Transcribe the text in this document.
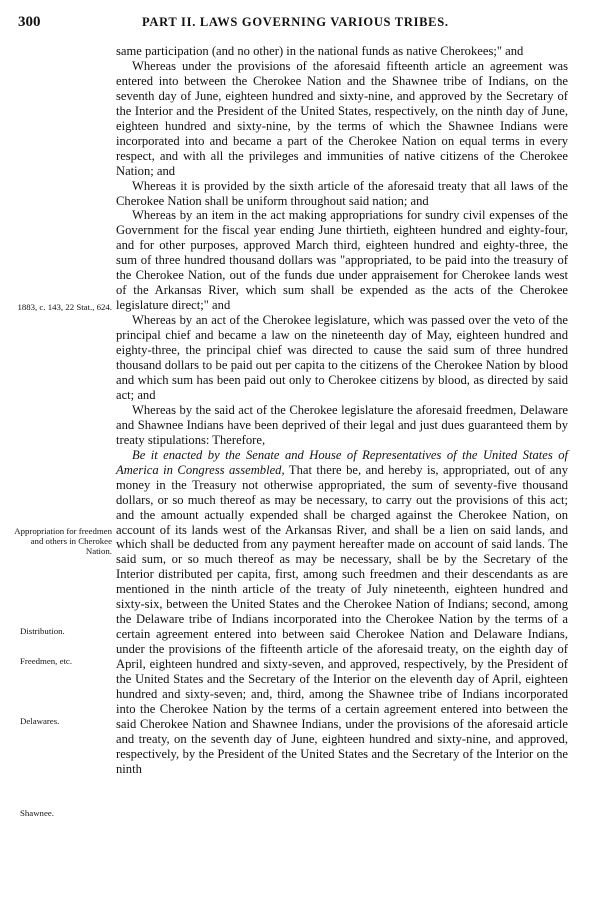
300	PART II. LAWS GOVERNING VARIOUS TRIBES.
1883, c. 143, 22 Stat., 624.
Appropriation for freedmen and others in Cherokee Nation.
Distribution.
Freedmen, etc.
Delawares.
Shawnee.

same participation (and no other) in the national funds as native Cherokees;" and

Whereas under the provisions of the aforesaid fifteenth article an agreement was entered into between the Cherokee Nation and the Shawnee tribe of Indians, on the seventh day of June, eighteen hundred and sixty-nine, and approved by the Secretary of the Interior and the President of the United States, respectively, on the ninth day of June, eighteen hundred and sixty-nine, by the terms of which the Shawnee Indians were incorporated into and became a part of the Cherokee Nation on equal terms in every respect, and with all the privileges and immunities of native citizens of the Cherokee Nation; and

Whereas it is provided by the sixth article of the aforesaid treaty that all laws of the Cherokee Nation shall be uniform throughout said nation; and

Whereas by an item in the act making appropriations for sundry civil expenses of the Government for the fiscal year ending June thirtieth, eighteen hundred and eighty-four, and for other purposes, approved March third, eighteen hundred and eighty-three, the sum of three hundred thousand dollars was "appropriated, to be paid into the treasury of the Cherokee Nation, out of the funds due under appraisement for Cherokee lands west of the Arkansas River, which sum shall be expended as the acts of the Cherokee legislature direct;" and

Whereas by an act of the Cherokee legislature, which was passed over the veto of the principal chief and became a law on the nineteenth day of May, eighteen hundred and eighty-three, the principal chief was directed to cause the said sum of three hundred thousand dollars to be paid out per capita to the citizens of the Cherokee Nation by blood and which sum has been paid out only to Cherokee citizens by blood, as directed by said act; and

Whereas by the said act of the Cherokee legislature the aforesaid freedmen, Delaware and Shawnee Indians have been deprived of their legal and just dues guaranteed them by treaty stipulations: Therefore,

Be it enacted by the Senate and House of Representatives of the United States of America in Congress assembled, That there be, and hereby is, appropriated, out of any money in the Treasury not otherwise appropriated, the sum of seventy-five thousand dollars, or so much thereof as may be necessary, to carry out the provisions of this act; and the amount actually expended shall be charged against the Cherokee Nation, on account of its lands west of the Arkansas River, and shall be a lien on said lands, and which shall be deducted from any payment hereafter made on account of said lands. The said sum, or so much thereof as may be necessary, shall be by the Secretary of the Interior distributed per capita, first, among such freedmen and their descendants as are mentioned in the ninth article of the treaty of July nineteenth, eighteen hundred and sixty-six, between the United States and the Cherokee Nation of Indians; second, among the Delaware tribe of Indians incorporated into the Cherokee Nation by the terms of a certain agreement entered into between said Cherokee Nation and Delaware Indians, under the provisions of the fifteenth article of the aforesaid treaty, on the eighth day of April, eighteen hundred and sixty-seven, and approved, respectively, by the President of the United States and the Secretary of the Interior on the eleventh day of April, eighteen hundred and sixty-seven; and, third, among the Shawnee tribe of Indians incorporated into the Cherokee Nation by the terms of a certain agreement entered into between the said Cherokee Nation and Shawnee Indians, under the provisions of the aforesaid article and treaty, on the seventh day of June, eighteen hundred and sixty-nine, and approved, respectively, by the President of the United States and the Secretary of the Interior on the ninth
